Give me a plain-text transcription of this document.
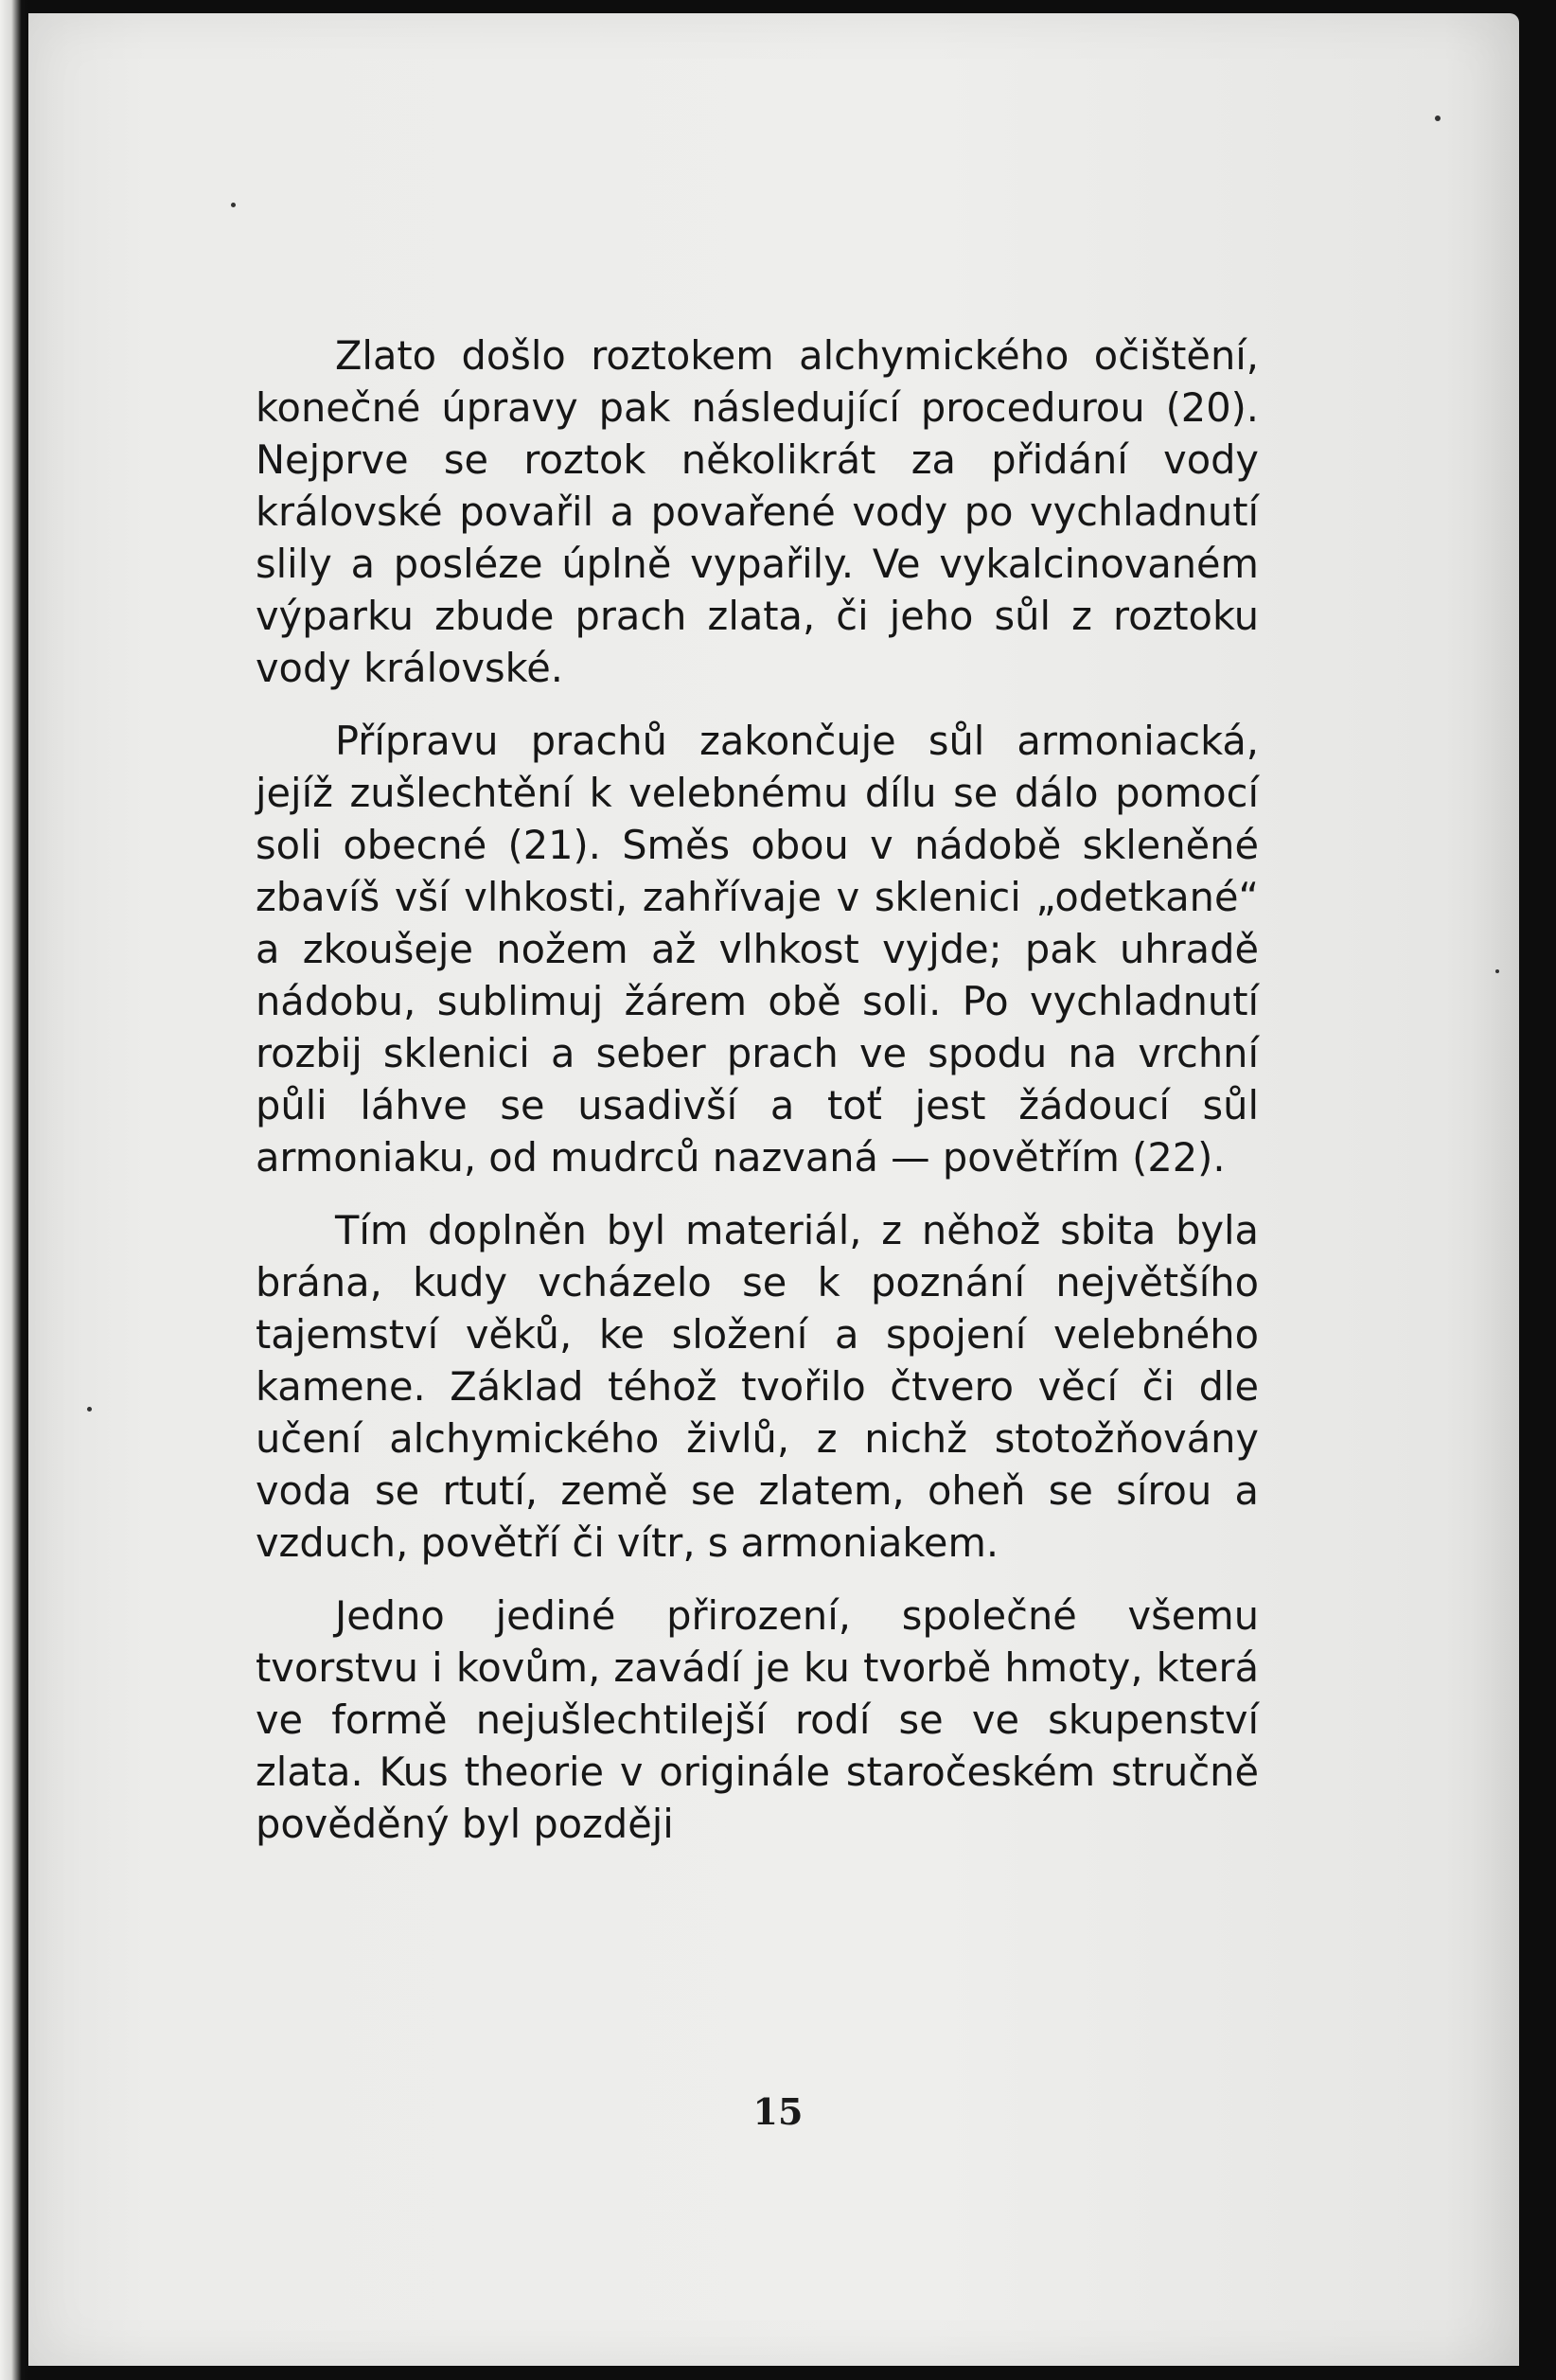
Zlato došlo roztokem alchymického očištění, konečné úpravy pak následující procedurou (20). Nejprve se roztok několikrát za přidání vody královské povařil a povařené vody po vychladnutí slily a posléze úplně vypařily. Ve vykalcinovaném výparku zbude prach zlata, či jeho sůl z roztoku vody královské.

Přípravu prachů zakončuje sůl armoniacká, jejíž zušlechtění k velebnému dílu se dálo pomocí soli obecné (21). Směs obou v nádobě skleněné zbavíš vší vlhkosti, zahřívaje v sklenici „odetkané“ a zkoušeje nožem až vlhkost vyjde; pak uhradě nádobu, sublimuj žárem obě soli. Po vychladnutí rozbij sklenici a seber prach ve spodu na vrchní půli láhve se usadivší a toť jest žádoucí sůl armoniaku, od mudrců nazvaná — povětřím (22).

Tím doplněn byl materiál, z něhož sbita byla brána, kudy vcházelo se k poznání největšího tajemství věků, ke složení a spojení velebného kamene. Základ téhož tvořilo čtvero věcí či dle učení alchymického živlů, z nichž stotožňovány voda se rtutí, země se zlatem, oheň se sírou a vzduch, povětří či vítr, s armoniakem.

Jedno jediné přirození, společné všemu tvorstvu i kovům, zavádí je ku tvorbě hmoty, která ve formě nejušlechtilejší rodí se ve skupenství zlata. Kus theorie v originále staročeském stručně pověděný byl později

15
